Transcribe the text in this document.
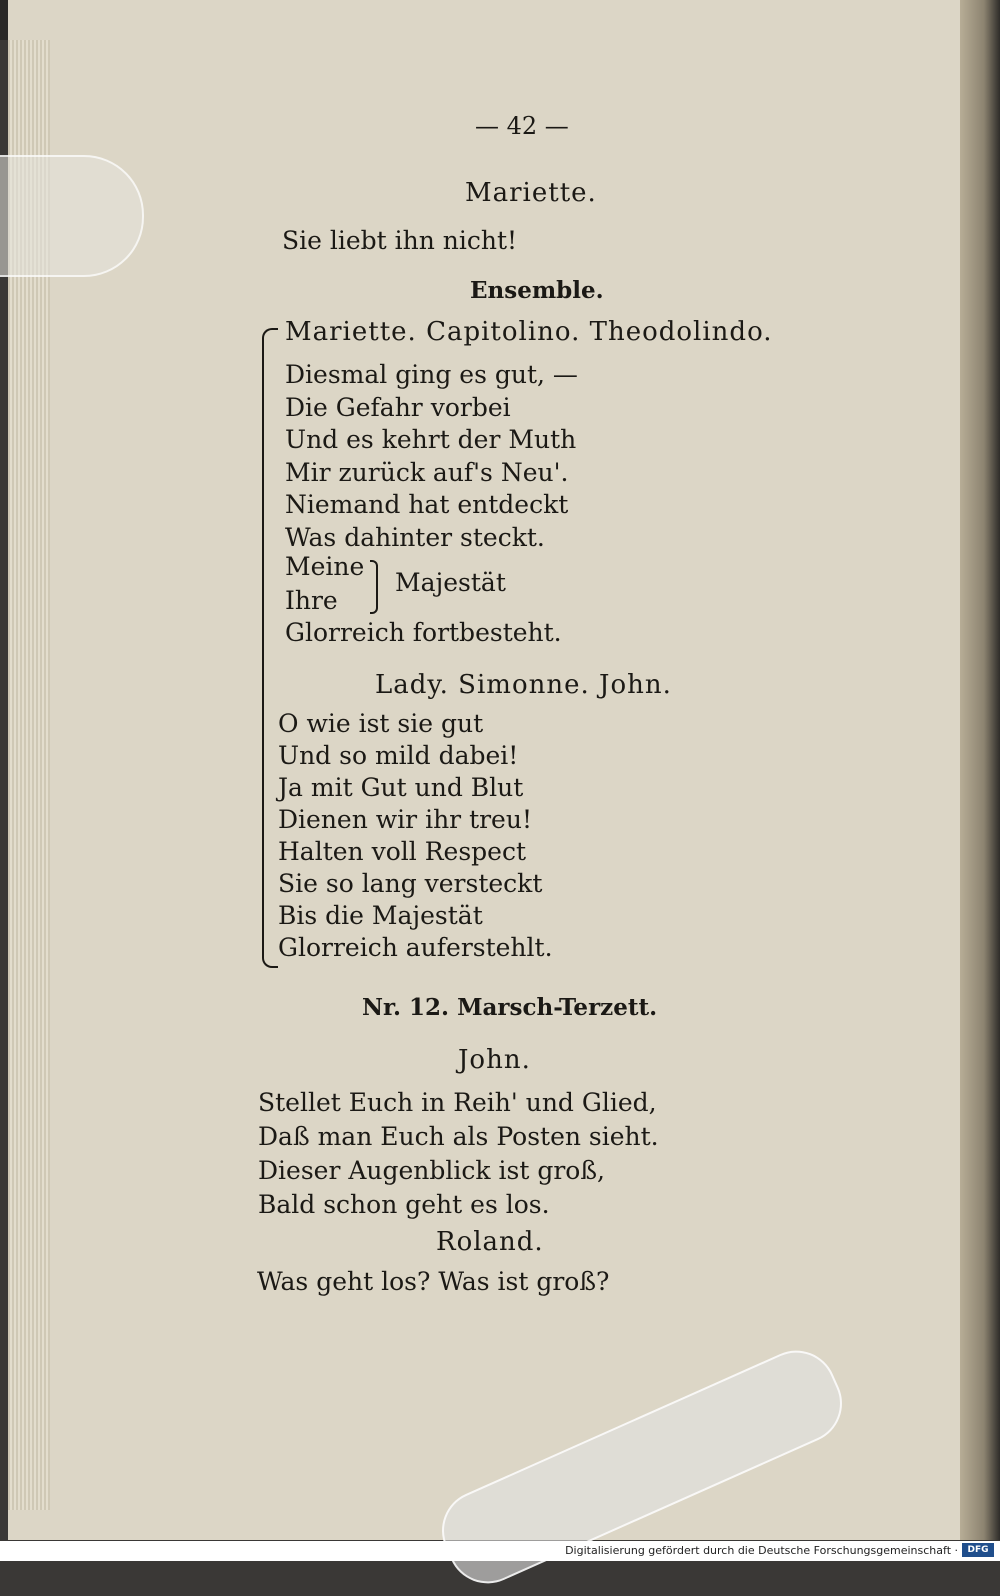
— 42 —
Mariette.
Sie liebt ihn nicht!
Ensemble.
Mariette. Capitolino. Theodolindo.
Diesmal ging es gut, —
Die Gefahr vorbei
Und es kehrt der Muth
Mir zurück auf's Neu'.
Niemand hat entdeckt
Was dahinter steckt.
Meine
Ihre
Majestät
Glorreich fortbesteht.
Lady. Simonne. John.
O wie ist sie gut
Und so mild dabei!
Ja mit Gut und Blut
Dienen wir ihr treu!
Halten voll Respect
Sie so lang versteckt
Bis die Majestät
Glorreich auferstehlt.
Nr. 12. Marsch-Terzett.
John.
Stellet Euch in Reih' und Glied,
Daß man Euch als Posten sieht.
Dieser Augenblick ist groß,
Bald schon geht es los.
Roland.
Was geht los? Was ist groß?
Digitalisierung gefördert durch die Deutsche Forschungsgemeinschaft ·	DFG
